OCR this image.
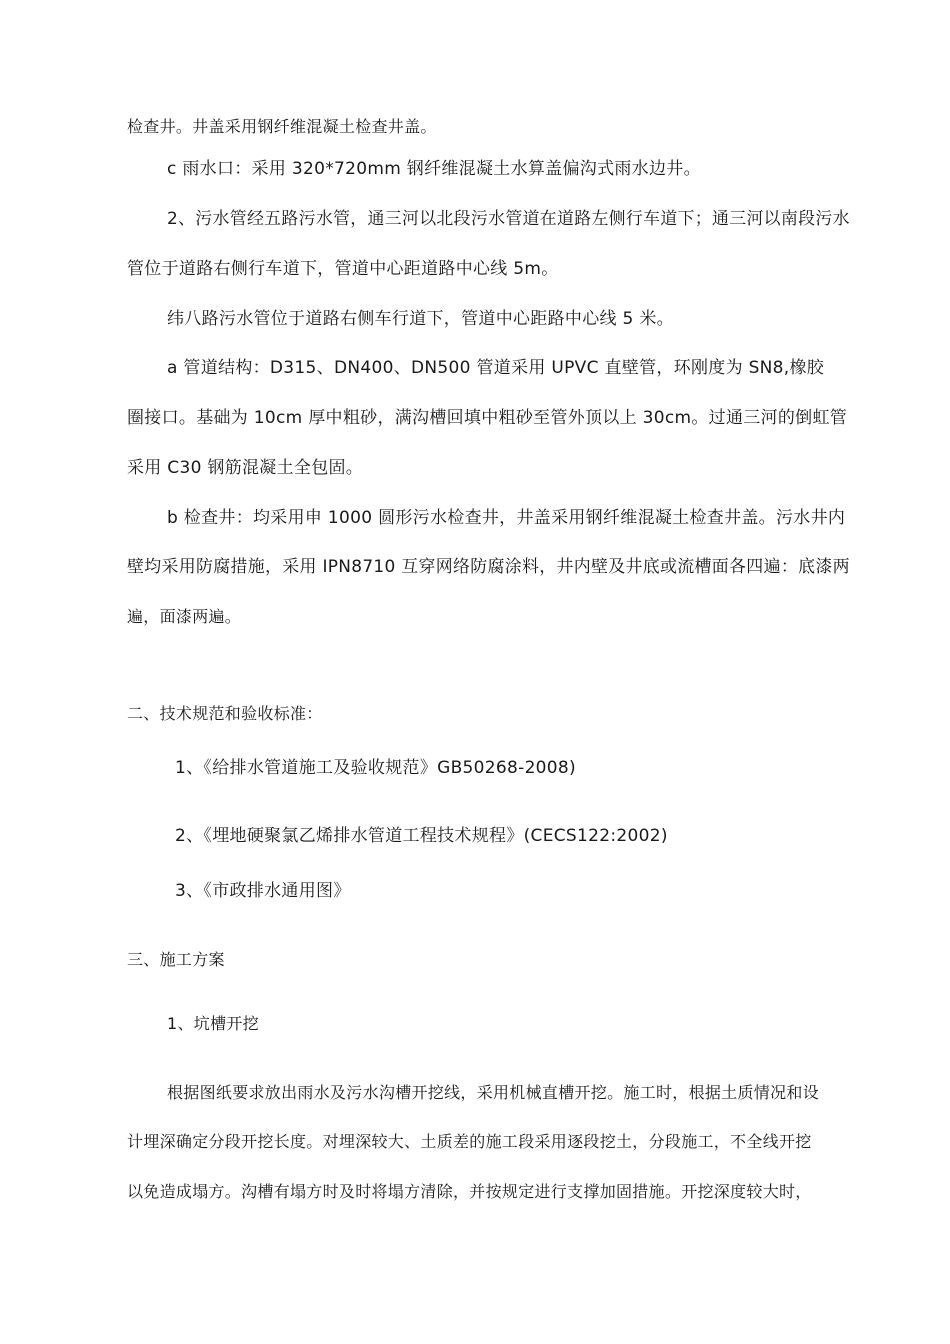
检查井。井盖采用钢纤维混凝土检查井盖。
c 雨水口：采用 320*720mm 钢纤维混凝土水算盖偏沟式雨水边井。
2、污水管经五路污水管，通三河以北段污水管道在道路左侧行车道下；通三河以南段污水
管位于道路右侧行车道下，管道中心距道路中心线 5m。
纬八路污水管位于道路右侧车行道下，管道中心距路中心线 5 米。
a 管道结构：D315、DN400、DN500 管道采用 UPVC 直壁管，环刚度为 SN8,橡胶
圈接口。基础为 10cm 厚中粗砂，满沟槽回填中粗砂至管外顶以上 30cm。过通三河的倒虹管
采用 C30 钢筋混凝土全包固。
b 检查井：均采用申 1000 圆形污水检查井，井盖采用钢纤维混凝土检查井盖。污水井内
壁均采用防腐措施，采用 IPN8710 互穿网络防腐涂料，井内壁及井底或流槽面各四遍：底漆两
遍，面漆两遍。
二、技术规范和验收标准：
1、《给排水管道施工及验收规范》GB50268-2008)
2、《埋地硬聚氯乙烯排水管道工程技术规程》(CECS122:2002)
3、《市政排水通用图》
三、施工方案
1、坑槽开挖
根据图纸要求放出雨水及污水沟槽开挖线，采用机械直槽开挖。施工时，根据土质情况和设
计埋深确定分段开挖长度。对埋深较大、土质差的施工段采用逐段挖土，分段施工，不全线开挖
以免造成塌方。沟槽有塌方时及时将塌方清除，并按规定进行支撑加固措施。开挖深度较大时，
